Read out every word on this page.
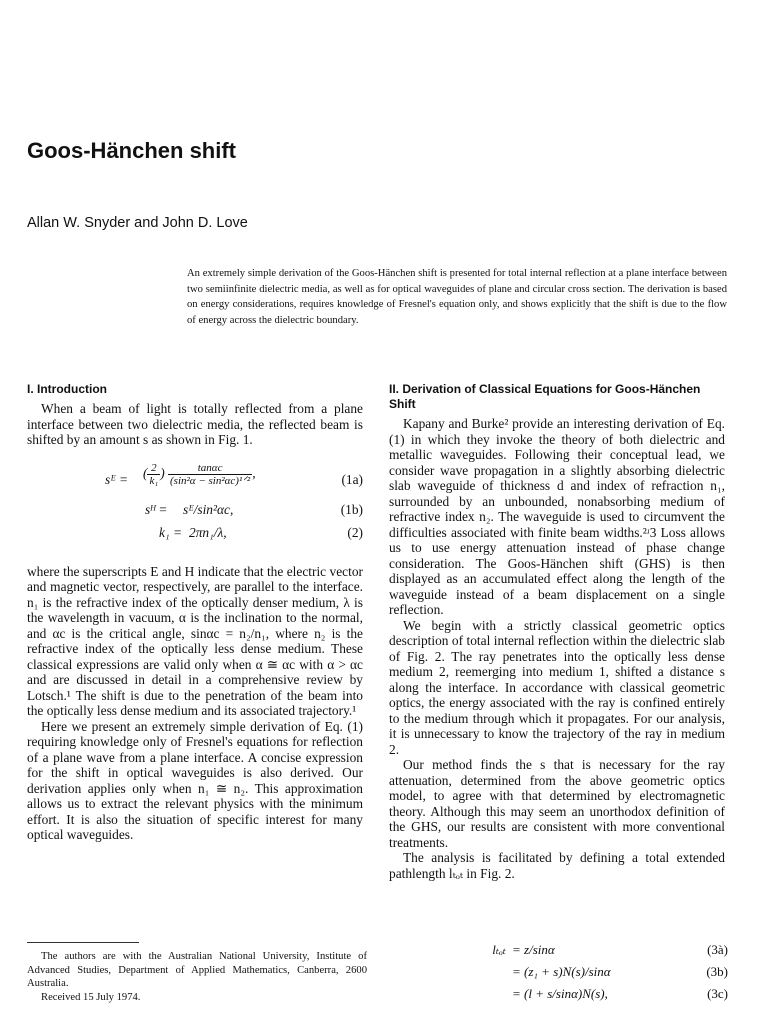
Goos-Hänchen shift
Allan W. Snyder and John D. Love

An extremely simple derivation of the Goos-Hänchen shift is presented for total internal reflection at a plane interface between two semiinfinite dielectric media, as well as for optical waveguides of plane and circular cross section. The derivation is based on energy considerations, requires knowledge of Fresnel's equation only, and shows explicitly that the shift is due to the flow of energy across the dielectric boundary.

I. Introduction

When a beam of light is totally reflected from a plane interface between two dielectric media, the reflected beam is shifted by an amount s as shown in Fig. 1.

sᴱ = ( $\frac{2}{\text{k₁}}$ ) $\frac{\tan\alpha c}{\text{(sin²α − sin²αc)¹ᐟ²}}$ ,	(1a)
sᴴ = sᴱ/sin²αc,	(1b)
k₁ = 2πn₁/λ,	(2)

where the superscripts E and H indicate that the electric vector and magnetic vector, respectively, are parallel to the interface. n₁ is the refractive index of the optically denser medium, λ is the wavelength in vacuum, α is the inclination to the normal, and αc is the critical angle, sinαc = n₂/n₁, where n₂ is the refractive index of the optically less dense medium. These classical expressions are valid only when α ≅ αc with α > αc and are discussed in detail in a comprehensive review by Lotsch.¹ The shift is due to the penetration of the beam into the optically less dense medium and its associated trajectory.¹

Here we present an extremely simple derivation of Eq. (1) requiring knowledge only of Fresnel's equations for reflection of a plane wave from a plane interface. A concise expression for the shift in optical waveguides is also derived. Our derivation applies only when n₁ ≅ n₂. This approximation allows us to extract the relevant physics with the minimum effort. It is also the situation of specific interest for many optical waveguides.

II. Derivation of Classical Equations for Goos-Hänchen Shift

Kapany and Burke² provide an interesting derivation of Eq. (1) in which they invoke the theory of both dielectric and metallic waveguides. Following their conceptual lead, we consider wave propagation in a slightly absorbing dielectric slab waveguide of thickness d and index of refraction n₁, surrounded by an unbounded, nonabsorbing medium of refractive index n₂. The waveguide is used to circumvent the difficulties associated with finite beam widths.²ʴ3 Loss allows us to use energy attenuation instead of phase change consideration. The Goos-Hänchen shift (GHS) is then displayed as an accumulated effect along the length of the waveguide instead of a beam displacement on a single reflection.

We begin with a strictly classical geometric optics description of total internal reflection within the dielectric slab of Fig. 2. The ray penetrates into the optically less dense medium 2, reemerging into medium 1, shifted a distance s along the interface. In accordance with classical geometric optics, the energy associated with the ray is confined entirely to the medium through which it propagates. For our analysis, it is unnecessary to know the trajectory of the ray in medium 2.

Our method finds the s that is necessary for the ray attenuation, determined from the above geometric optics model, to agree with that determined by electromagnetic theory. Although this may seem an unorthodox definition of the GHS, our results are consistent with more conventional treatments.

The analysis is facilitated by defining a total extended pathlength lₜₒₜ in Fig. 2.

The authors are with the Australian National University, Institute of Advanced Studies, Department of Applied Mathematics, Canberra, 2600 Australia.

Received 15 July 1974.

lₜₒₜ = z/sinα	(3à)
= (z₁ + s)N(s)/sinα	(3b)
= (l + s/sinα)N(s),	(3c)
